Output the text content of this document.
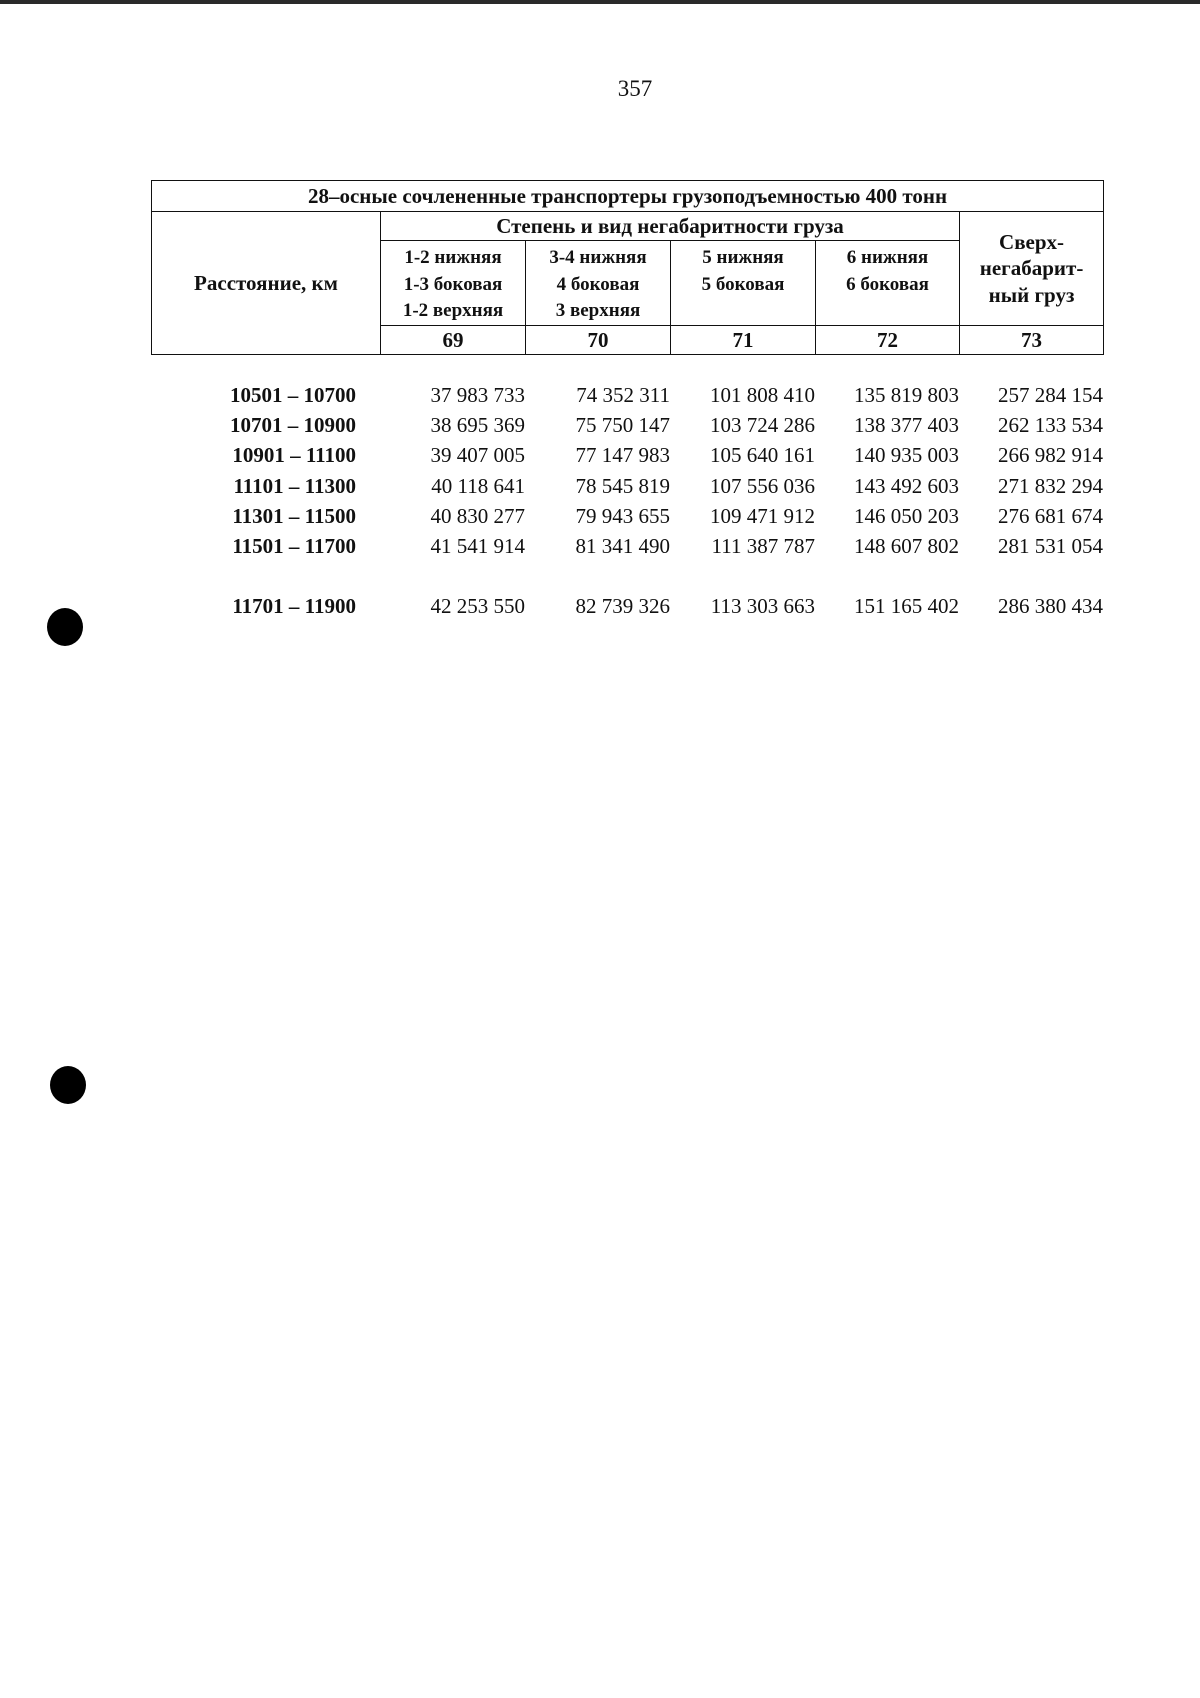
357
28–осные сочлененные транспортеры грузоподъемностью 400 тонн					
Расстояние, км	Степень и вид негабаритности груза				Сверх-
негабарит-
ный груз

	1-2 нижняя
1-3 боковая
1-2 верхняя	3-4 нижняя
4 боковая
3 верхняя	5 нижняя
5 боковая	6 нижняя
6 боковая	

	69	70	71	72	73
10501 – 10700	37 983 733	74 352 311	101 808 410	135 819 803	257 284 154
10701 – 10900	38 695 369	75 750 147	103 724 286	138 377 403	262 133 534
10901 – 11100	39 407 005	77 147 983	105 640 161	140 935 003	266 982 914
11101 – 11300	40 118 641	78 545 819	107 556 036	143 492 603	271 832 294
11301 – 11500	40 830 277	79 943 655	109 471 912	146 050 203	276 681 674
11501 – 11700	41 541 914	81 341 490	111 387 787	148 607 802	281 531 054

11701 – 11900	42 253 550	82 739 326	113 303 663	151 165 402	286 380 434
